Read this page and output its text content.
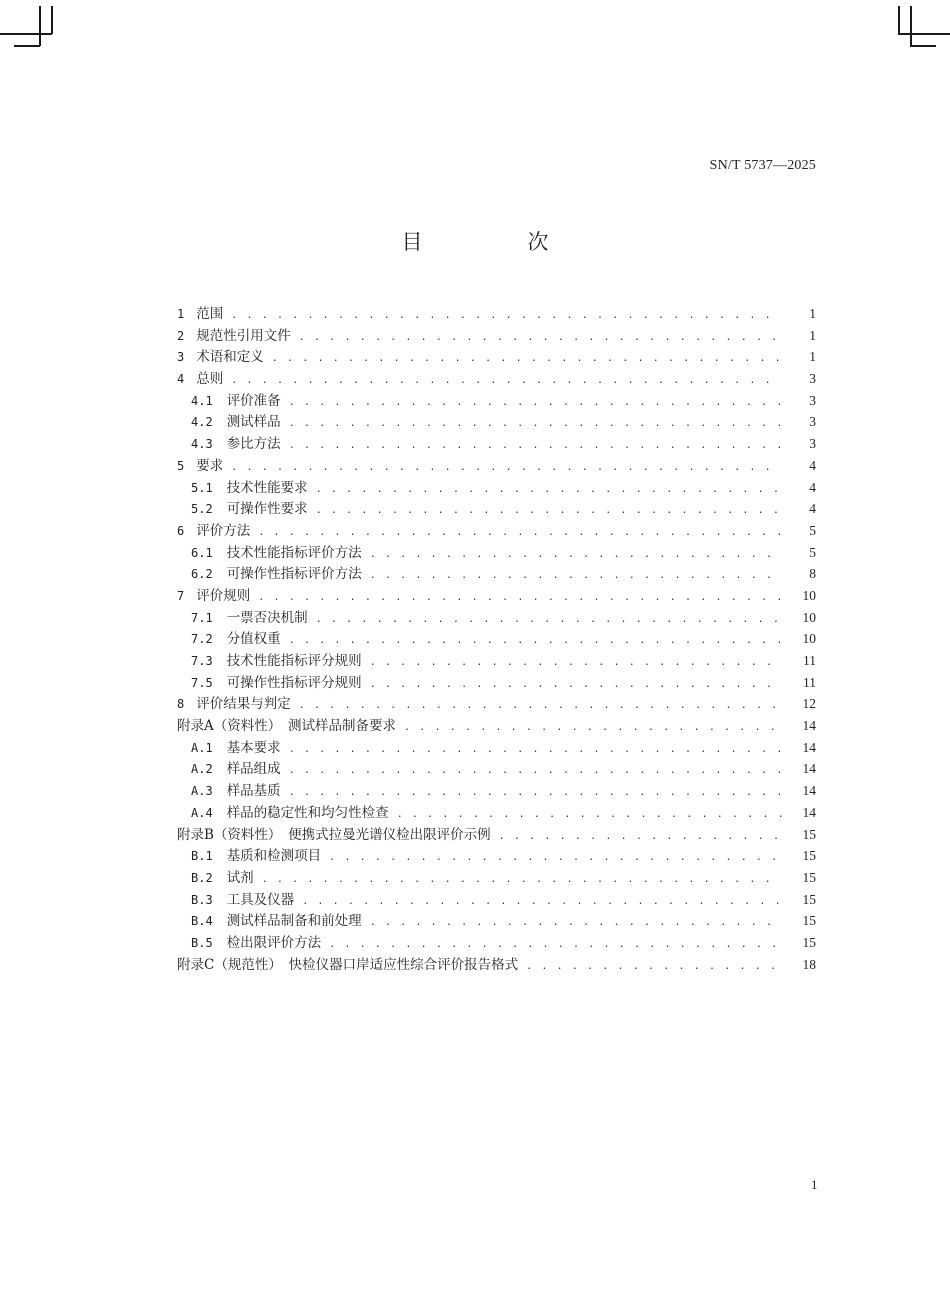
SN/T 5737—2025
目　次
1 范围 . . .	1
2 规范性引用文件 . . .	1
3 术语和定义 . . .	1
4 总则 . . .	3
4.1 评价准备 . . .	3
4.2 测试样品 . . .	3
4.3 参比方法 . . .	3
5 要求 . . .	4
5.1 技术性能要求 . . .	4
5.2 可操作性要求 . . .	4
6 评价方法 . . .	5
6.1 技术性能指标评价方法 . . .	5
6.2 可操作性指标评价方法 . . .	8
7 评价规则 . . .	10
7.1 一票否决机制 . . .	10
7.2 分值权重 . . .	10
7.3 技术性能指标评分规则 . . .	11
7.5 可操作性指标评分规则 . . .	11
8 评价结果与判定 . . .	12
附录A（资料性）　测试样品制备要求 . . .	14
A.1 基本要求 . . .	14
A.2 样品组成 . . .	14
A.3 样品基质 . . .	14
A.4 样品的稳定性和均匀性检查 . . .	14
附录B（资料性）　便携式拉曼光谱仪检出限评价示例 . . .	15
B.1 基质和检测项目 . . .	15
B.2 试剂 . . .	15
B.3 工具及仪器 . . .	15
B.4 测试样品制备和前处理 . . .	15
B.5 检出限评价方法 . . .	15
附录C（规范性）　快检仪器口岸适应性综合评价报告格式 . . .	18
1
